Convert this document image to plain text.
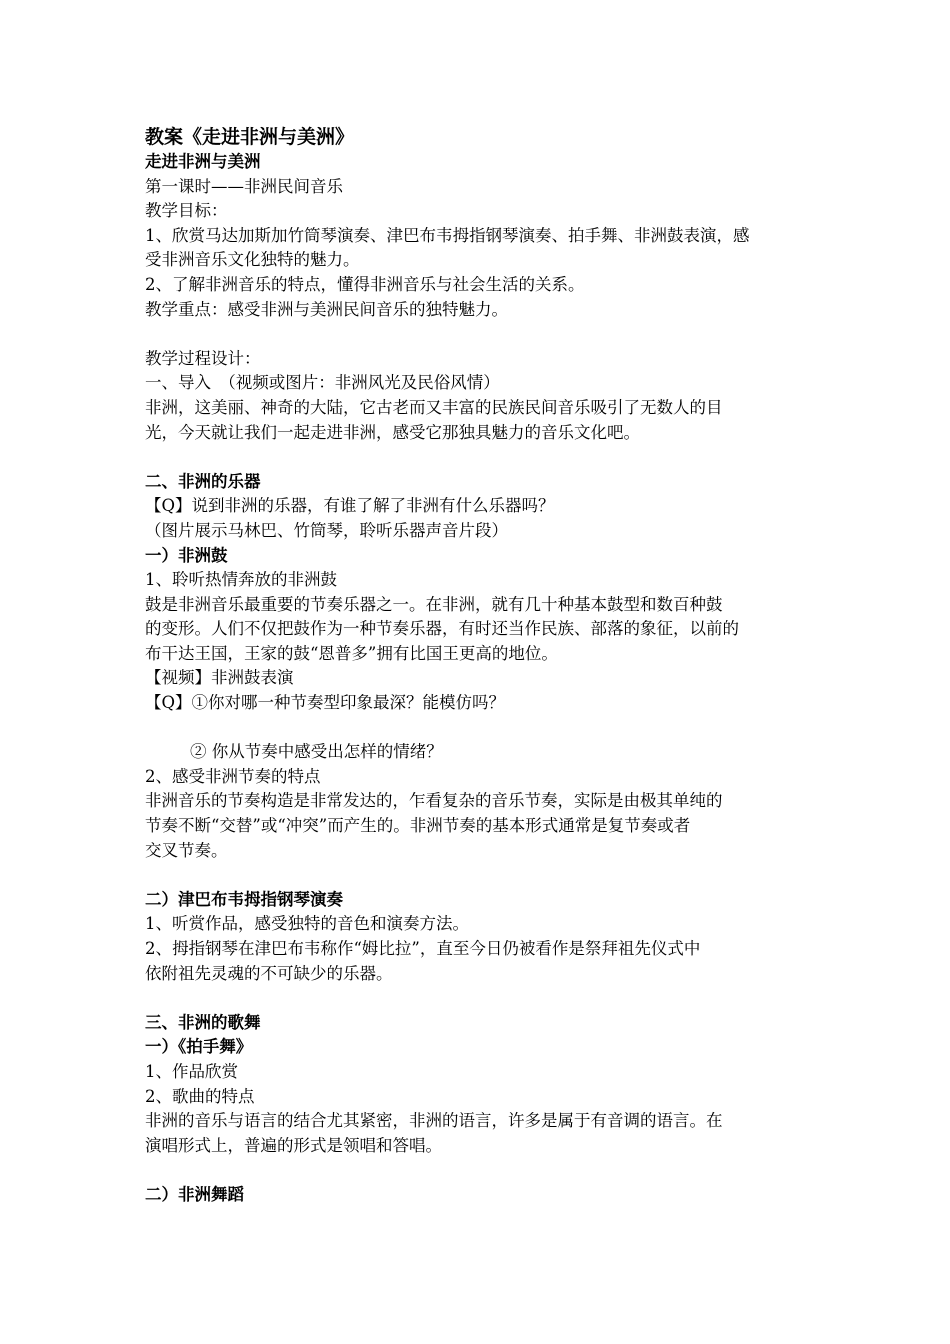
教案《走进非洲与美洲》
走进非洲与美洲
第一课时——非洲民间音乐
教学目标：
1、欣赏马达加斯加竹筒琴演奏、津巴布韦拇指钢琴演奏、拍手舞、非洲鼓表演，感
受非洲音乐文化独特的魅力。
2、了解非洲音乐的特点，懂得非洲音乐与社会生活的关系。
教学重点：感受非洲与美洲民间音乐的独特魅力。
教学过程设计：
一、导入　（视频或图片：非洲风光及民俗风情）
非洲，这美丽、神奇的大陆，它古老而又丰富的民族民间音乐吸引了无数人的目
光，今天就让我们一起走进非洲，感受它那独具魅力的音乐文化吧。
二、非洲的乐器
【Q】说到非洲的乐器，有谁了解了非洲有什么乐器吗？
（图片展示马林巴、竹筒琴，聆听乐器声音片段）
一）非洲鼓
1、聆听热情奔放的非洲鼓
鼓是非洲音乐最重要的节奏乐器之一。在非洲，就有几十种基本鼓型和数百种鼓
的变形。人们不仅把鼓作为一种节奏乐器，有时还当作民族、部落的象征，以前的
布干达王国，王家的鼓“恩普多”拥有比国王更高的地位。
【视频】非洲鼓表演
【Q】①你对哪一种节奏型印象最深？能模仿吗？
② 你从节奏中感受出怎样的情绪？
2、感受非洲节奏的特点
非洲音乐的节奏构造是非常发达的，乍看复杂的音乐节奏，实际是由极其单纯的
节奏不断“交替”或“冲突”而产生的。非洲节奏的基本形式通常是复节奏或者
交叉节奏。
二）津巴布韦拇指钢琴演奏
1、听赏作品，感受独特的音色和演奏方法。
2、拇指钢琴在津巴布韦称作“姆比拉”，直至今日仍被看作是祭拜祖先仪式中
依附祖先灵魂的不可缺少的乐器。
三、非洲的歌舞
一）《拍手舞》
1、作品欣赏
2、歌曲的特点
非洲的音乐与语言的结合尤其紧密，非洲的语言，许多是属于有音调的语言。在
演唱形式上，普遍的形式是领唱和答唱。
二）非洲舞蹈
